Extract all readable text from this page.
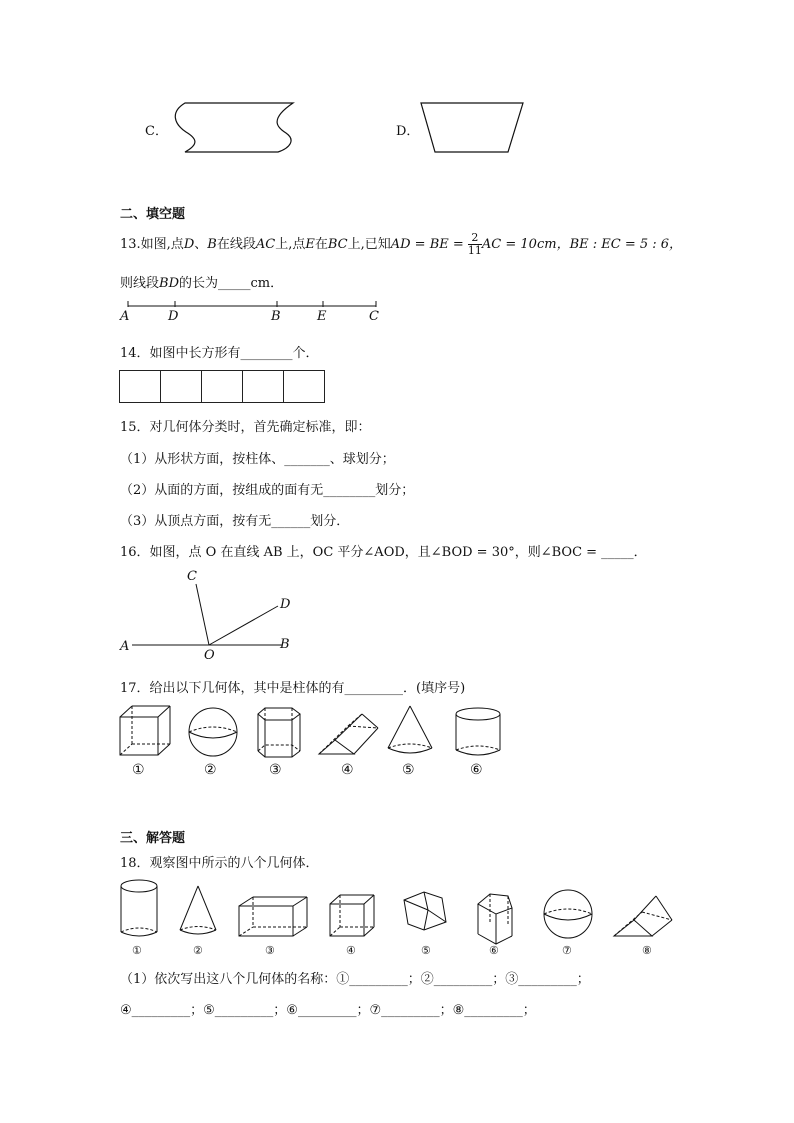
C．	D．
二、填空题
13.如图,点D、B在线段AC上,点E在BC上,已知AD = BE = $\frac{2}{11}$ AC = 10cm，BE : EC = 5 : 6，
则线段BD的长为_____cm．
A	D	B	E	C
14．如图中长方形有________个．
15．对几何体分类时，首先确定标准，即：
（1）从形状方面，按柱体、_______、球划分；
（2）从面的方面，按组成的面有无________划分；
（3）从顶点方面，按有无______划分．
16．如图，点 O 在直线 AB 上，OC 平分∠AOD，且∠BOD = 30°，则∠BOC = _____．
A	B
C
D
O
17．给出以下几何体，其中是柱体的有_________．(填序号)
①	②	③	④	⑤	⑥
三、解答题
18．观察图中所示的八个几何体．
①	②	③	④	⑤	⑥	⑦	⑧
（1）依次写出这八个几何体的名称：①_________；②_________；③_________；
④_________；⑤_________；⑥_________；⑦_________；⑧_________；
